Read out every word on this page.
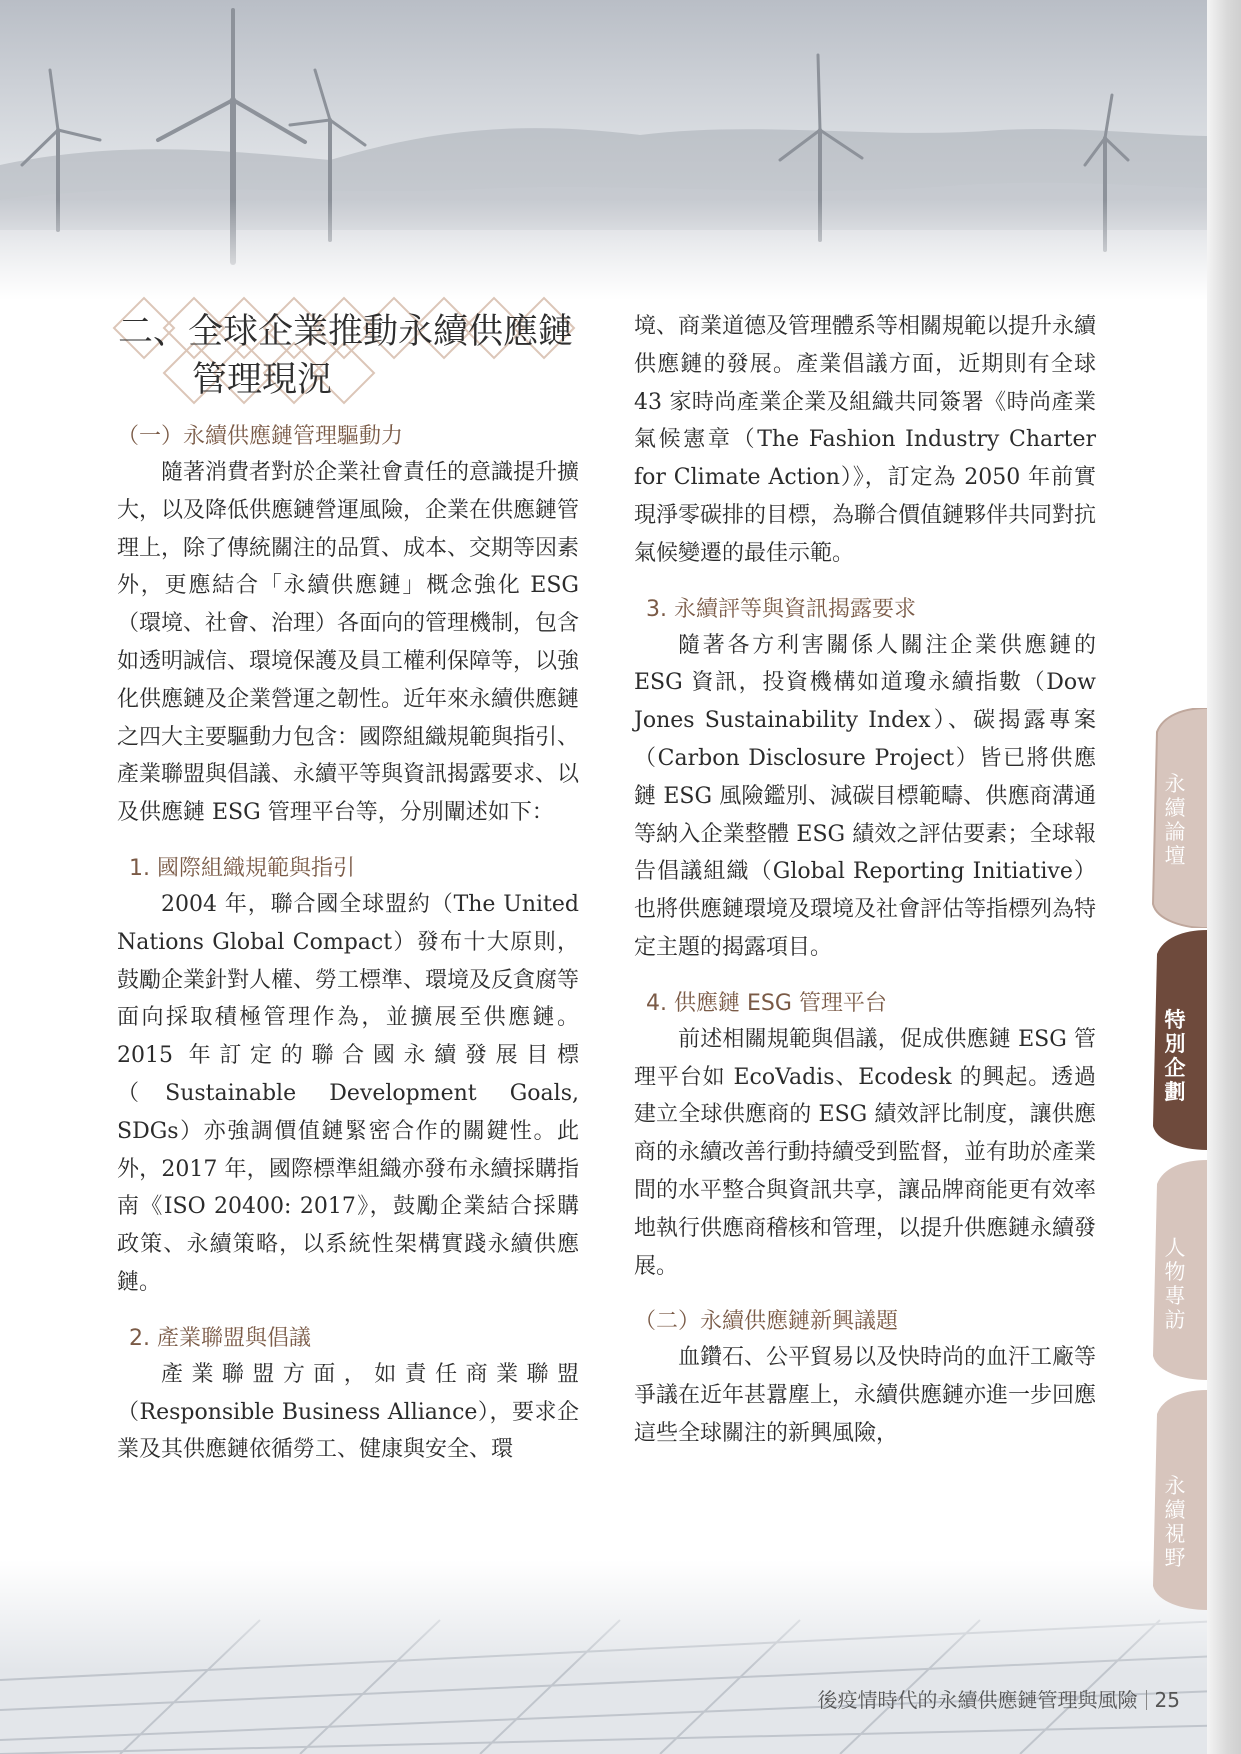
二、全球企業推動永續供應鏈
管理現況
（一）永續供應鏈管理驅動力

隨著消費者對於企業社會責任的意識提升擴大，以及降低供應鏈營運風險，企業在供應鏈管理上，除了傳統關注的品質、成本、交期等因素外，更應結合「永續供應鏈」概念強化 ESG（環境、社會、治理）各面向的管理機制，包含如透明誠信、環境保護及員工權利保障等，以強化供應鏈及企業營運之韌性。近年來永續供應鏈之四大主要驅動力包含：國際組織規範與指引、產業聯盟與倡議、永續平等與資訊揭露要求、以及供應鏈 ESG 管理平台等，分別闡述如下：

1. 國際組織規範與指引

2004 年，聯合國全球盟約（The United Nations Global Compact）發布十大原則，鼓勵企業針對人權、勞工標準、環境及反貪腐等面向採取積極管理作為，並擴展至供應鏈。2015 年訂定的聯合國永續發展目標（Sustainable Development Goals, SDGs）亦強調價值鏈緊密合作的關鍵性。此外，2017 年，國際標準組織亦發布永續採購指南《ISO 20400: 2017》，鼓勵企業結合採購政策、永續策略，以系統性架構實踐永續供應鏈。

2. 產業聯盟與倡議

產業聯盟方面，如責任商業聯盟（Responsible Business Alliance），要求企業及其供應鏈依循勞工、健康與安全、環

境、商業道德及管理體系等相關規範以提升永續供應鏈的發展。產業倡議方面，近期則有全球 43 家時尚產業企業及組織共同簽署《時尚產業氣候憲章（The Fashion Industry Charter for Climate Action）》，訂定為 2050 年前實現淨零碳排的目標，為聯合價值鏈夥伴共同對抗氣候變遷的最佳示範。

3. 永續評等與資訊揭露要求

隨著各方利害關係人關注企業供應鏈的 ESG 資訊，投資機構如道瓊永續指數（Dow Jones Sustainability Index）、碳揭露專案（Carbon Disclosure Project）皆已將供應鏈 ESG 風險鑑別、減碳目標範疇、供應商溝通等納入企業整體 ESG 績效之評估要素；全球報告倡議組織（Global Reporting Initiative）也將供應鏈環境及環境及社會評估等指標列為特定主題的揭露項目。

4. 供應鏈 ESG 管理平台

前述相關規範與倡議，促成供應鏈 ESG 管理平台如 EcoVadis、Ecodesk 的興起。透過建立全球供應商的 ESG 績效評比制度，讓供應商的永續改善行動持續受到監督，並有助於產業間的水平整合與資訊共享，讓品牌商能更有效率地執行供應商稽核和管理，以提升供應鏈永續發展。

（二）永續供應鏈新興議題

血鑽石、公平貿易以及快時尚的血汗工廠等爭議在近年甚囂塵上，永續供應鏈亦進一步回應這些全球關注的新興風險，

永
續
論
壇
特
別
企
劃
人
物
專
訪
永
續
視
野
後疫情時代的永續供應鏈管理與風險 25
